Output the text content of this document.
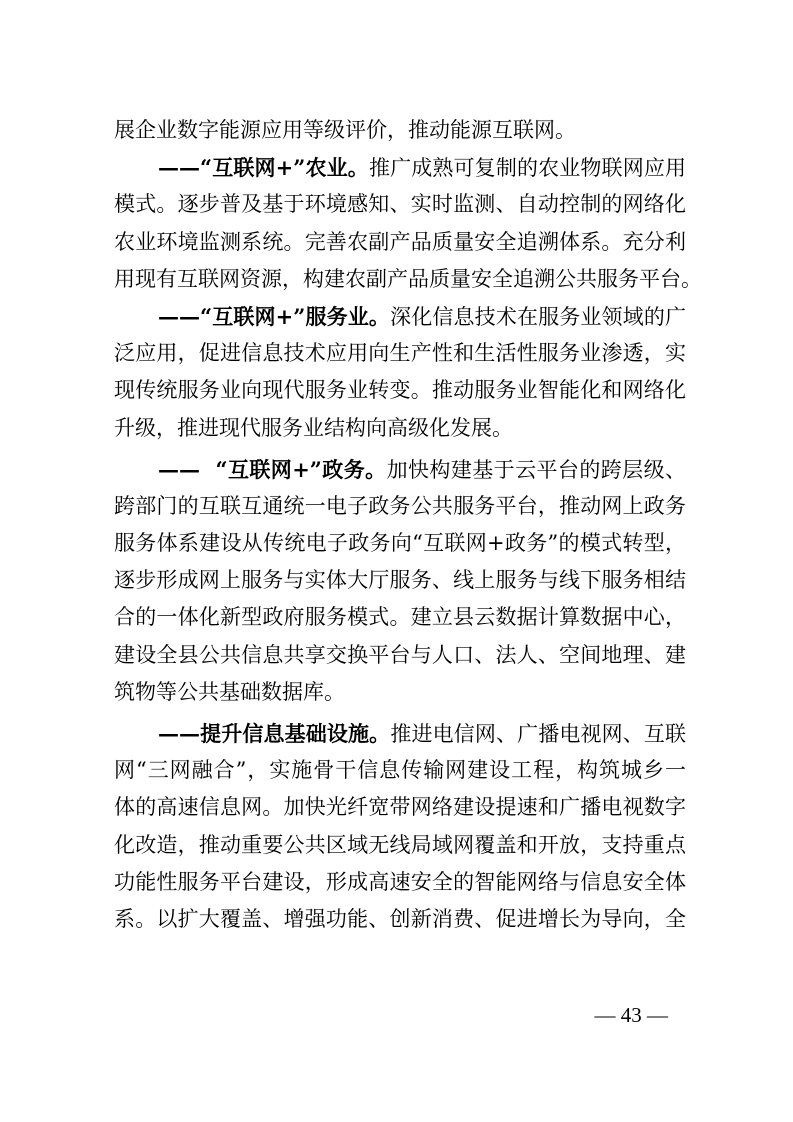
展企业数字能源应用等级评价，推动能源互联网。
——“互联网+”农业。推广成熟可复制的农业物联网应用
模式。逐步普及基于环境感知、实时监测、自动控制的网络化
农业环境监测系统。完善农副产品质量安全追溯体系。充分利
用现有互联网资源，构建农副产品质量安全追溯公共服务平台。
——“互联网+”服务业。深化信息技术在服务业领域的广
泛应用，促进信息技术应用向生产性和生活性服务业渗透，实
现传统服务业向现代服务业转变。推动服务业智能化和网络化
升级，推进现代服务业结构向高级化发展。
——  “互联网+”政务。加快构建基于云平台的跨层级、
跨部门的互联互通统一电子政务公共服务平台，推动网上政务
服务体系建设从传统电子政务向“互联网+政务”的模式转型，
逐步形成网上服务与实体大厅服务、线上服务与线下服务相结
合的一体化新型政府服务模式。建立县云数据计算数据中心，
建设全县公共信息共享交换平台与人口、法人、空间地理、建
筑物等公共基础数据库。
——提升信息基础设施。推进电信网、广播电视网、互联
网“三网融合”，实施骨干信息传输网建设工程，构筑城乡一
体的高速信息网。加快光纤宽带网络建设提速和广播电视数字
化改造，推动重要公共区域无线局域网覆盖和开放，支持重点
功能性服务平台建设，形成高速安全的智能网络与信息安全体
系。以扩大覆盖、增强功能、创新消费、促进增长为导向，全
— 43 —
